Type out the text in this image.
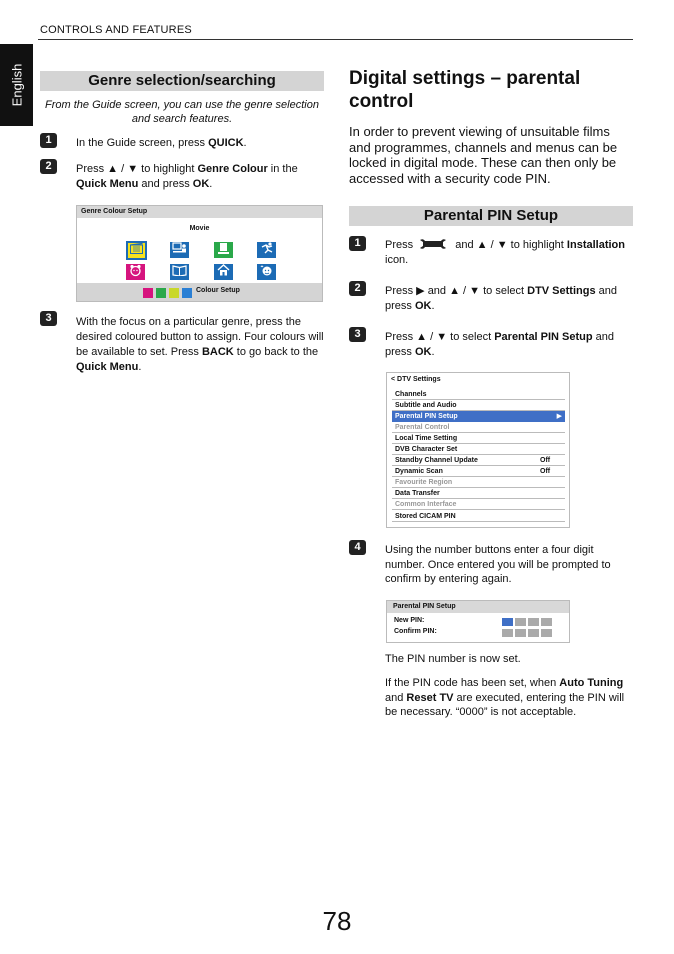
CONTROLS AND FEATURES
English	Genre selection/searching
From the Guide screen, you can use the genre selection and search features.
1	In the Guide screen, press QUICK.
2	Press ▲ / ▼ to highlight Genre Colour in the Quick Menu and press OK.
Genre Colour Setup
Movie
Colour Setup
3	With the focus on a particular genre, press the desired coloured button to assign. Four colours will be available to set. Press BACK to go back to the Quick Menu.
Digital settings – parental control
In order to prevent viewing of unsuitable films and programmes, channels and menus can be locked in digital mode. These can then only be accessed with a security code PIN.
Parental PIN Setup
1	Press	and ▲ / ▼ to highlight Installation icon.
2	Press ▶ and ▲ / ▼ to select DTV Settings and press OK.
3	Press ▲ / ▼ to select Parental PIN Setup and press OK.
< DTV Settings
Channels
Subtitle and Audio
Parental PIN Setup	▶
Parental Control
Local Time Setting
DVB Character Set
Standby Channel Update	Off
Dynamic Scan	Off
Favourite Region
Data Transfer
Common Interface
Stored CICAM PIN
4	Using the number buttons enter a four digit number. Once entered you will be prompted to confirm by entering again.
Parental PIN Setup
New PIN:
Confirm PIN:
The PIN number is now set.
If the PIN code has been set, when Auto Tuning and Reset TV are executed, entering the PIN will be necessary. “0000” is not acceptable.
78
